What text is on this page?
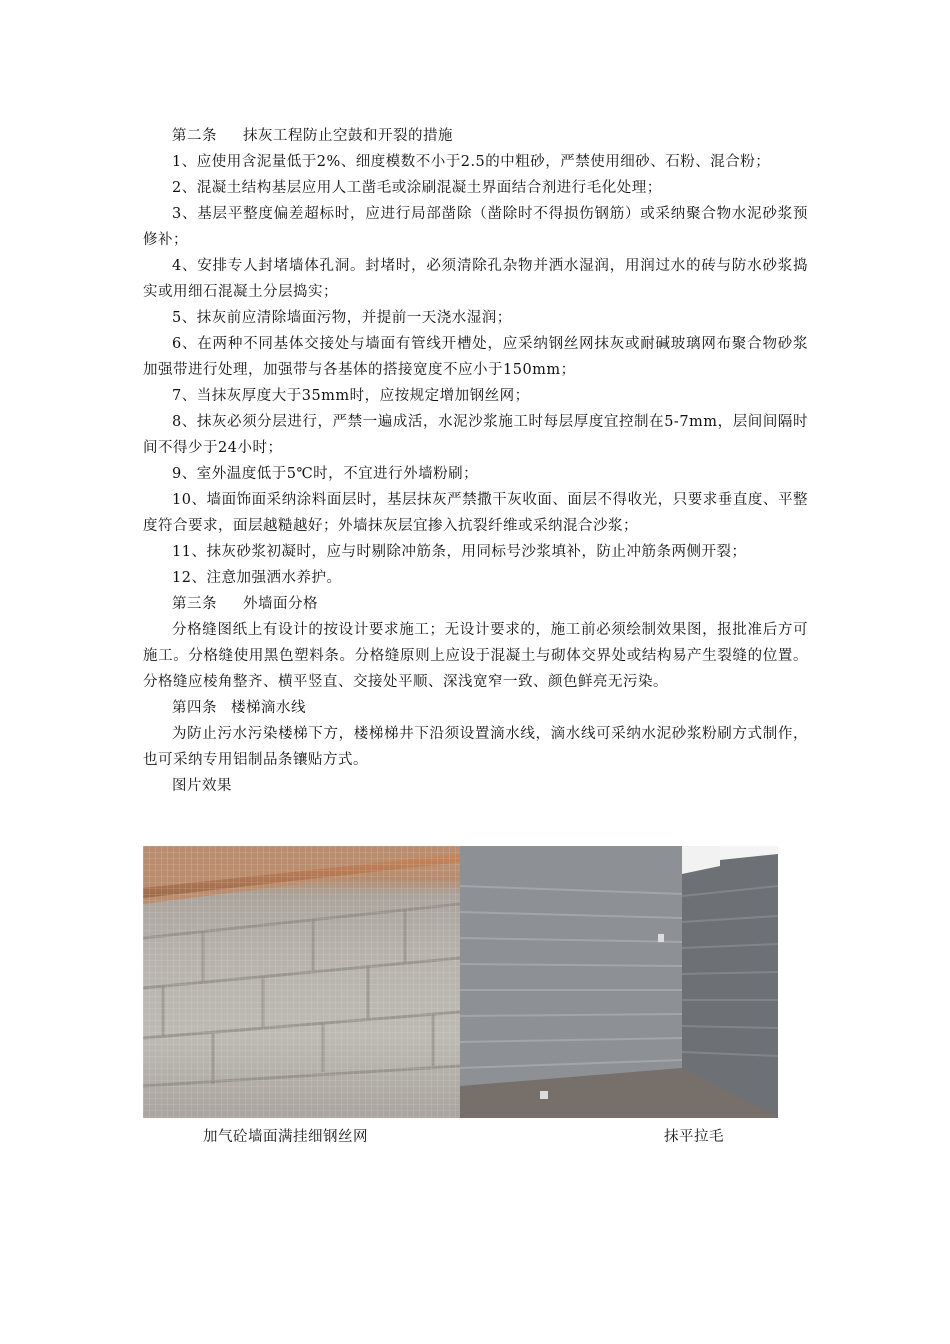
第二条 抹灰工程防止空鼓和开裂的措施

1、应使用含泥量低于2%、细度模数不小于2.5的中粗砂，严禁使用细砂、石粉、混合粉；

2、混凝土结构基层应用人工凿毛或涂刷混凝土界面结合剂进行毛化处理；

3、基层平整度偏差超标时，应进行局部凿除（凿除时不得损伤钢筋）或采纳聚合物水泥砂浆预修补；

4、安排专人封堵墙体孔洞。封堵时，必须清除孔杂物并洒水湿润，用润过水的砖与防水砂浆捣实或用细石混凝土分层捣实；

5、抹灰前应清除墙面污物，并提前一天浇水湿润；

6、在两种不同基体交接处与墙面有管线开槽处，应采纳钢丝网抹灰或耐碱玻璃网布聚合物砂浆加强带进行处理，加强带与各基体的搭接宽度不应小于150mm；

7、当抹灰厚度大于35mm时，应按规定增加钢丝网；

8、抹灰必须分层进行，严禁一遍成活，水泥沙浆施工时每层厚度宜控制在5-7mm，层间间隔时间不得少于24小时；

9、室外温度低于5℃时，不宜进行外墙粉刷；

10、墙面饰面采纳涂料面层时，基层抹灰严禁撒干灰收面、面层不得收光，只要求垂直度、平整度符合要求，面层越糙越好；外墙抹灰层宜掺入抗裂纤维或采纳混合沙浆；

11、抹灰砂浆初凝时，应与时剔除冲筋条，用同标号沙浆填补，防止冲筋条两侧开裂；

12、注意加强洒水养护。

第三条 外墙面分格

分格缝图纸上有设计的按设计要求施工；无设计要求的，施工前必须绘制效果图，报批准后方可施工。分格缝使用黑色塑料条。分格缝原则上应设于混凝土与砌体交界处或结构易产生裂缝的位置。分格缝应棱角整齐、横平竖直、交接处平顺、深浅宽窄一致、颜色鲜亮无污染。

第四条 楼梯滴水线

为防止污水污染楼梯下方，楼梯梯井下沿须设置滴水线，滴水线可采纳水泥砂浆粉刷方式制作，也可采纳专用铝制品条镶贴方式。

图片效果

加气砼墙面满挂细钢丝网	抹平拉毛
